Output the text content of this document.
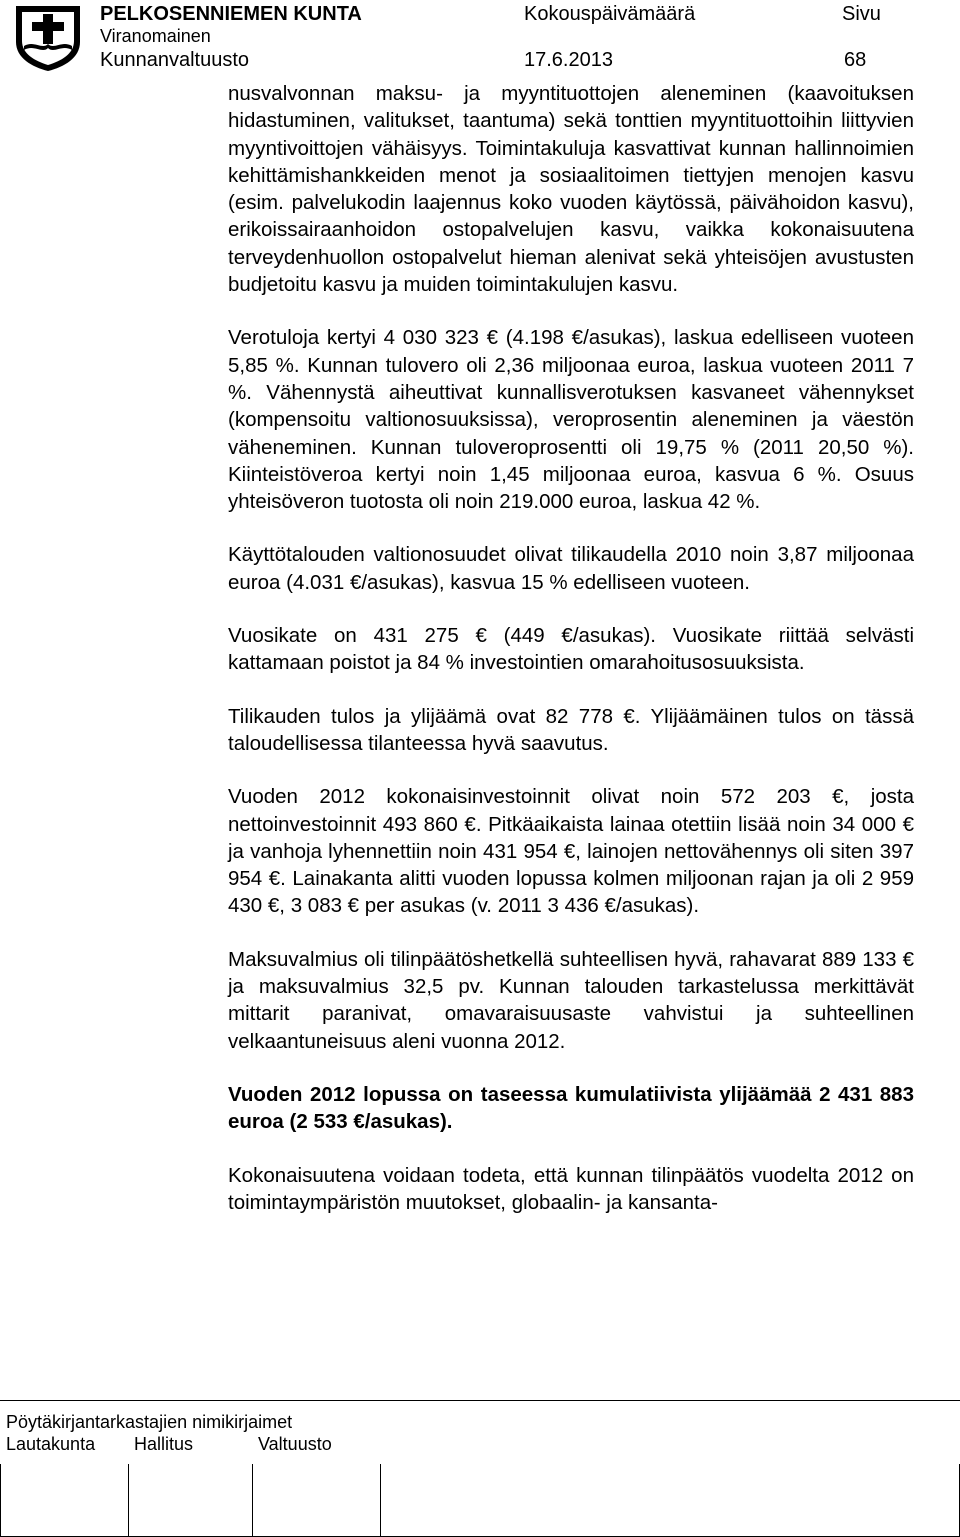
PELKOSENNIEMEN KUNTA
Viranomainen
Kunnanvaltuusto
Kokouspäivämäärä
17.6.2013
Sivu
68

nusvalvonnan maksu- ja myyntituottojen aleneminen (kaavoituksen hidastuminen, valitukset, taantuma) sekä tonttien myyntituottoihin liittyvien myyntivoittojen vähäisyys. Toimintakuluja kasvattivat kunnan hallinnoimien kehittämishankkeiden menot ja sosiaalitoimen tiettyjen menojen kasvu (esim. palvelukodin laajennus koko vuoden käytössä, päivähoidon kasvu), erikoissairaanhoidon ostopalvelujen kasvu, vaikka kokonaisuutena terveydenhuollon ostopalvelut hieman alenivat sekä yhteisöjen avustusten budjetoitu kasvu ja muiden toimintakulujen kasvu.

Verotuloja kertyi 4 030 323 € (4.198 €/asukas), laskua edelliseen vuoteen 5,85 %. Kunnan tulovero oli 2,36 miljoonaa euroa, laskua vuoteen 2011 7 %. Vähennystä aiheuttivat kunnallisverotuksen kasvaneet vähennykset (kompensoitu valtionosuuksissa), veroprosentin aleneminen ja väestön väheneminen. Kunnan tuloveroprosentti oli 19,75 % (2011 20,50 %). Kiinteistöveroa kertyi noin 1,45 miljoonaa euroa, kasvua 6 %. Osuus yhteisöveron tuotosta oli noin 219.000 euroa, laskua 42 %.

Käyttötalouden valtionosuudet olivat tilikaudella 2010 noin 3,87 miljoonaa euroa (4.031 €/asukas), kasvua 15 % edelliseen vuoteen.

Vuosikate on 431 275 € (449 €/asukas). Vuosikate riittää selvästi kattamaan poistot ja 84 % investointien omarahoitusosuuksista.

Tilikauden tulos ja ylijäämä ovat 82 778 €. Ylijäämäinen tulos on tässä taloudellisessa tilanteessa hyvä saavutus.

Vuoden 2012 kokonaisinvestoinnit olivat noin 572 203 €, josta nettoinvestoinnit 493 860 €. Pitkäaikaista lainaa otettiin lisää noin 34 000 € ja vanhoja lyhennettiin noin 431 954 €, lainojen nettovähennys oli siten 397 954 €. Lainakanta alitti vuoden lopussa kolmen miljoonan rajan ja oli 2 959 430 €, 3 083 € per asukas (v. 2011 3 436 €/asukas).

Maksuvalmius oli tilinpäätöshetkellä suhteellisen hyvä, rahavarat 889 133 € ja maksuvalmius 32,5 pv. Kunnan talouden tarkastelussa merkittävät mittarit paranivat, omavaraisuusaste vahvistui ja suhteellinen velkaantuneisuus aleni vuonna 2012.

Vuoden 2012 lopussa on taseessa kumulatiivista ylijäämää 2 431 883 euroa (2 533 €/asukas).

Kokonaisuutena voidaan todeta, että kunnan tilinpäätös vuodelta 2012 on toimintaympäristön muutokset, globaalin- ja kansanta-

Pöytäkirjantarkastajien nimikirjaimet
Lautakunta Hallitus	Valtuusto
